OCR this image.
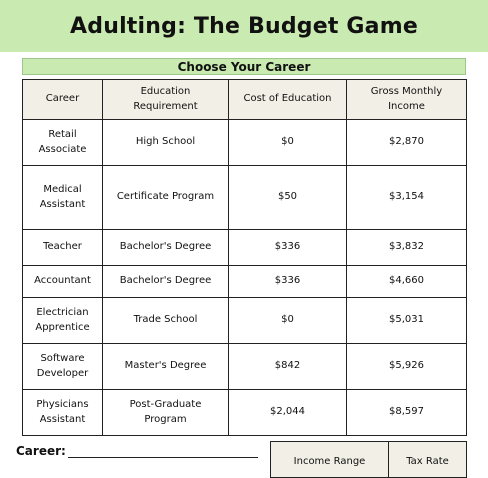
Adulting: The Budget Game
Choose Your Career
Career	Education Requirement	Cost of Education	Gross Monthly Income
Retail Associate	High School	$0	$2,870
Medical Assistant	Certificate Program	$50	$3,154
Teacher	Bachelor's Degree	$336	$3,832
Accountant	Bachelor's Degree	$336	$4,660
Electrician Apprentice	Trade School	$0	$5,031
Software Developer	Master's Degree	$842	$5,926
Physicians Assistant	Post-Graduate Program	$2,044	$8,597
Career:
Income Range	Tax Rate
